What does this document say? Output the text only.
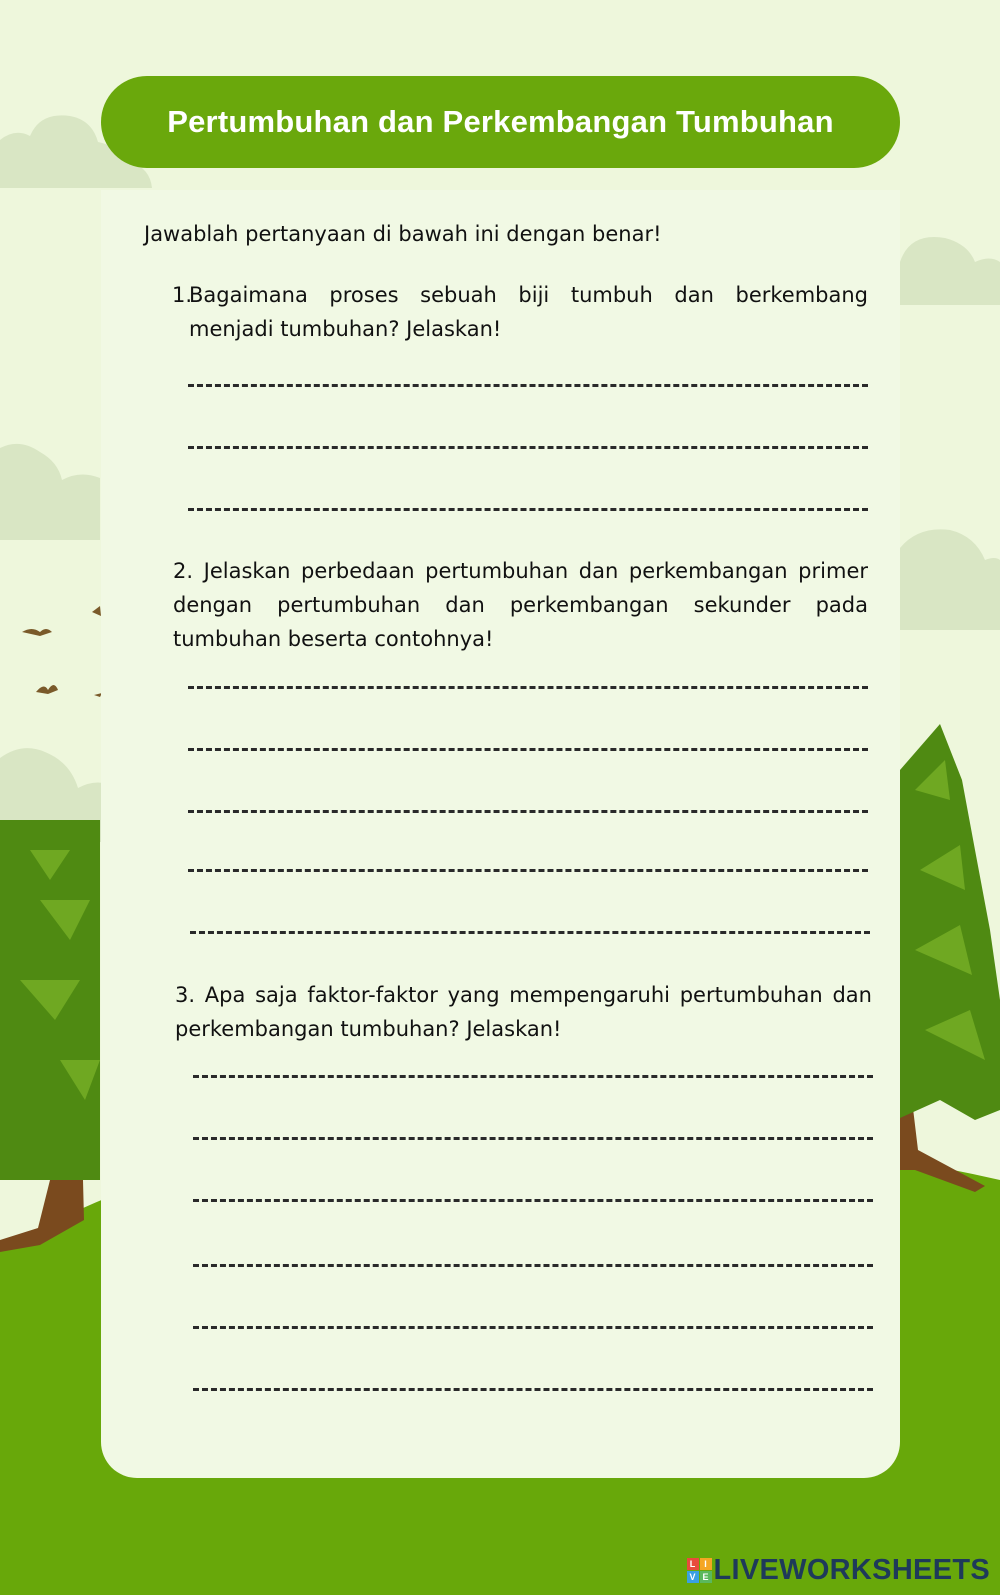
Pertumbuhan dan Perkembangan Tumbuhan
Jawablah pertanyaan di bawah ini dengan benar!
1.
Bagaimana proses sebuah biji tumbuh dan berkembang menjadi tumbuhan? Jelaskan!
2. Jelaskan perbedaan pertumbuhan dan perkembangan primer dengan pertumbuhan dan perkembangan sekunder pada tumbuhan beserta contohnya!
3. Apa saja faktor-faktor yang mempengaruhi pertumbuhan dan perkembangan tumbuhan? Jelaskan!
L I
V E LIVEWORKSHEETS
